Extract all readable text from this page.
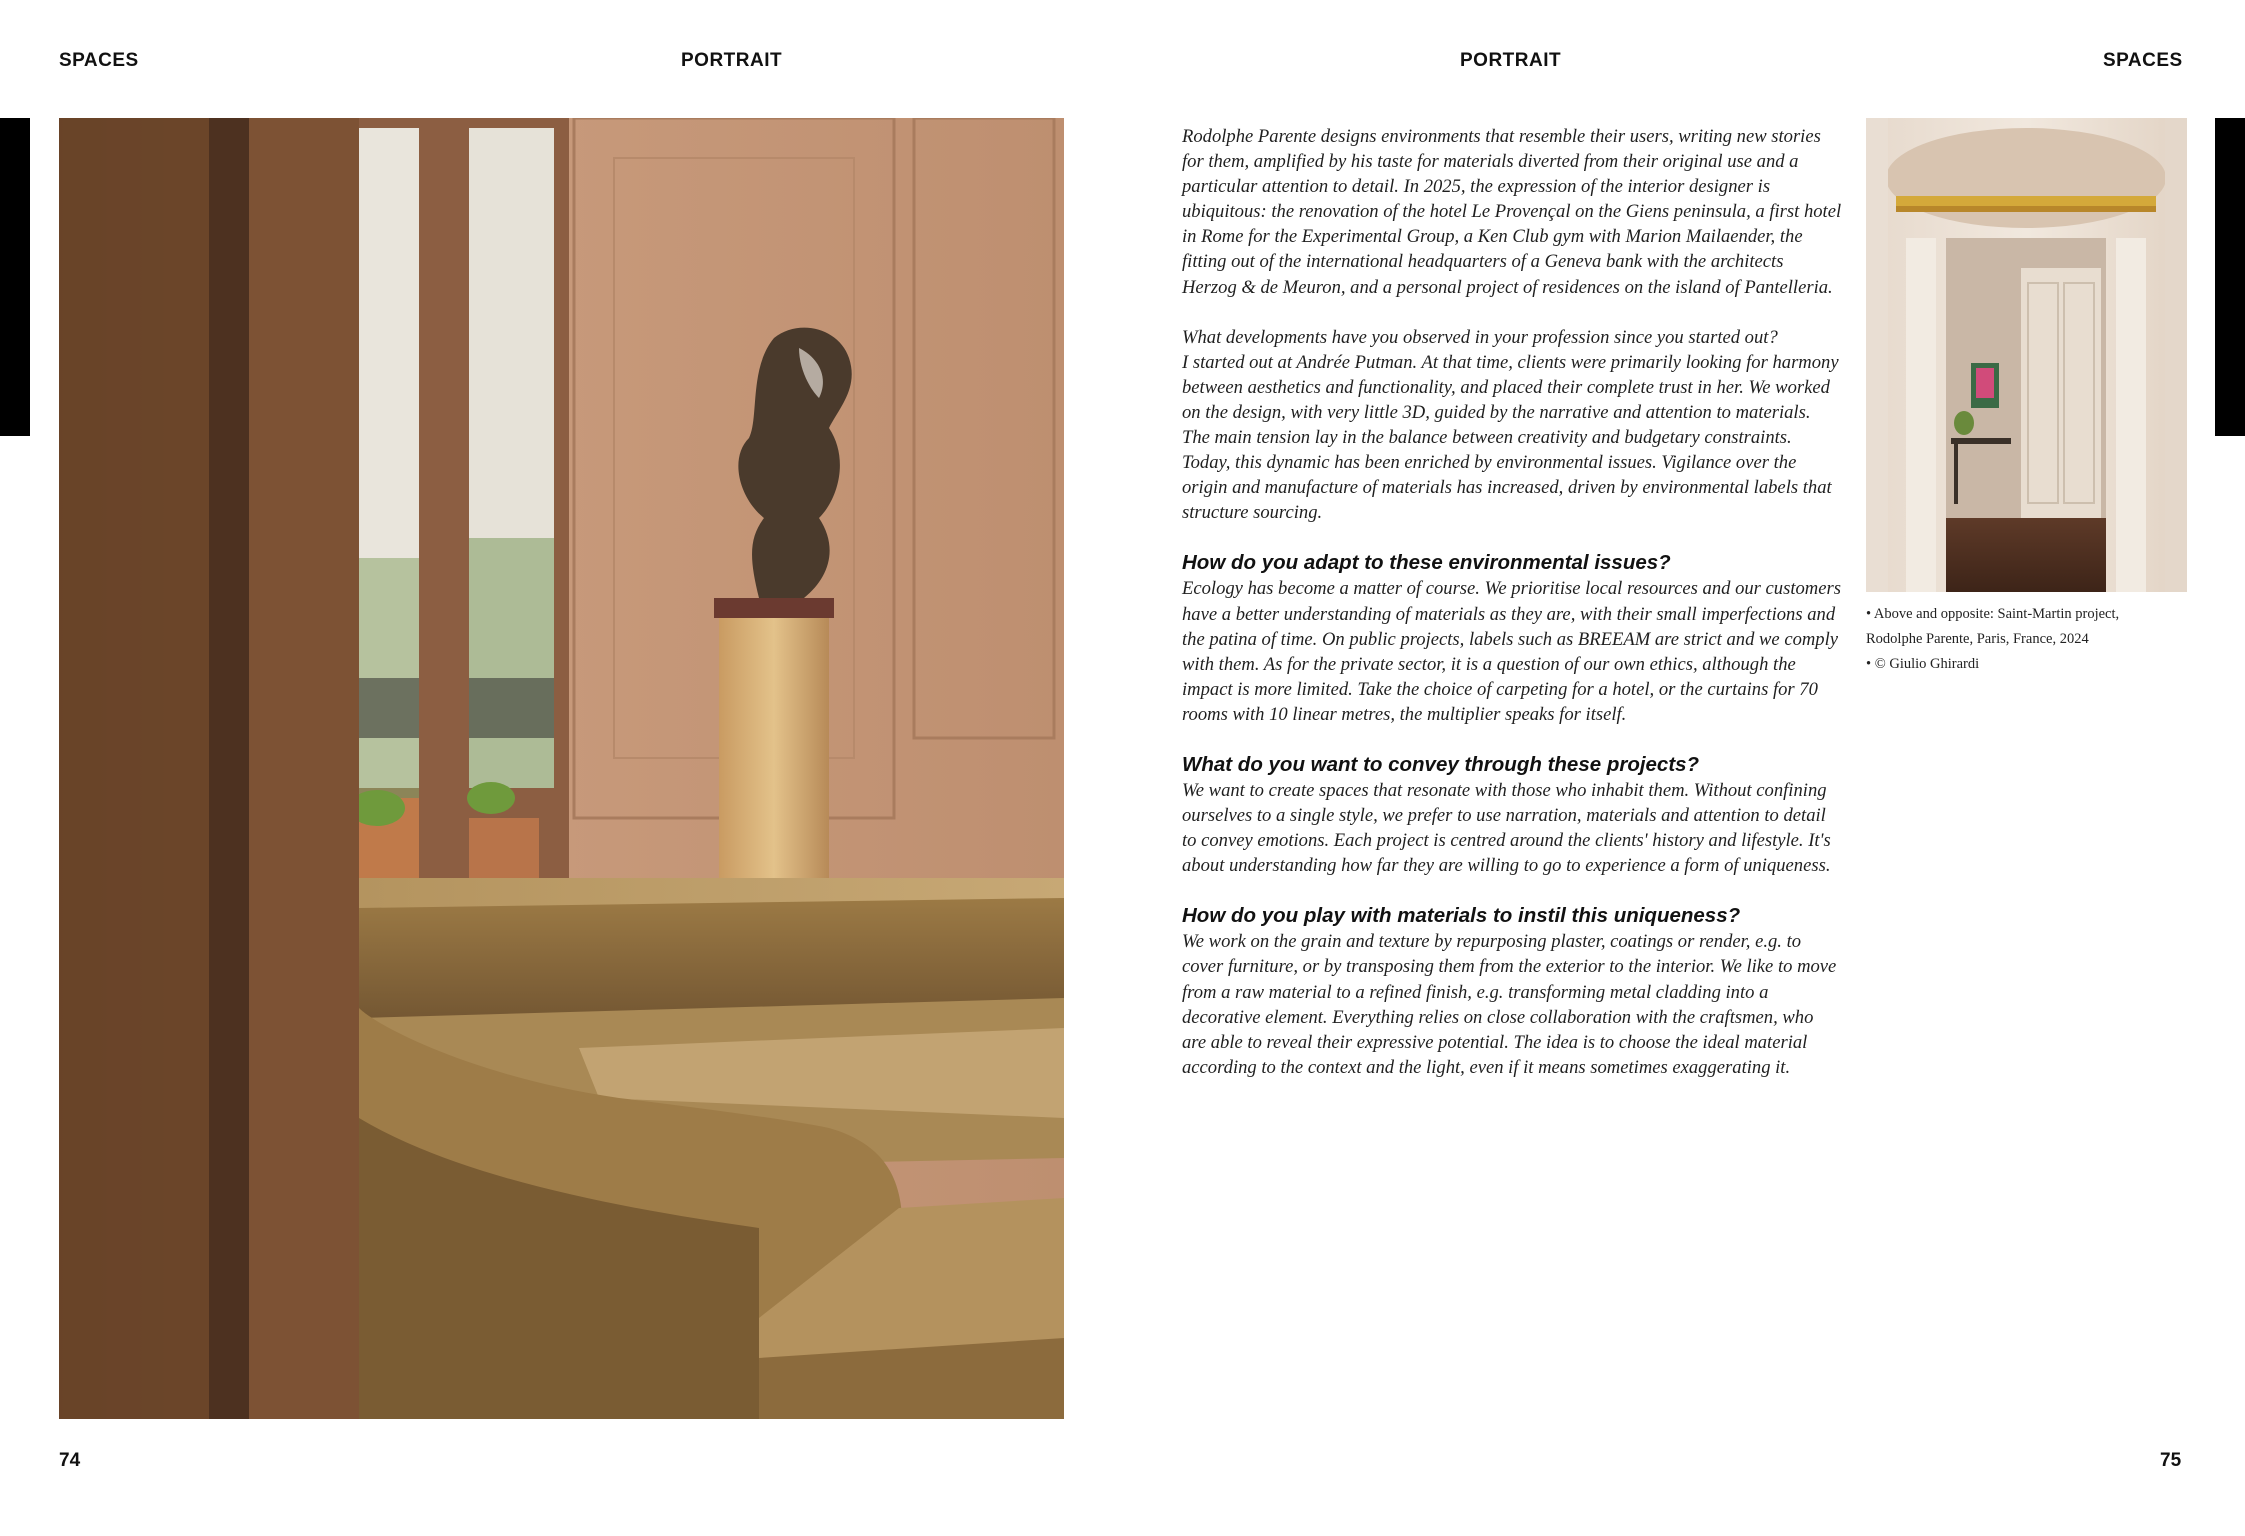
SPACES	PORTRAIT	PORTRAIT	SPACES
• Above and opposite: Saint-Martin project,
Rodolphe Parente, Paris, France, 2024
• © Giulio Ghirardi

Rodolphe Parente designs environments that resemble their users, writing new stories for them, amplified by his taste for materials diverted from their original use and a particular attention to detail. In 2025, the expression of the interior designer is ubiquitous: the renovation of the hotel Le Provençal on the Giens peninsula, a first hotel in Rome for the Experimental Group, a Ken Club gym with Marion Mailaender, the fitting out of the international headquarters of a Geneva bank with the architects Herzog & de Meuron, and a personal project of residences on the island of Pantelleria.

What developments have you observed in your profession since you started out?
I started out at Andrée Putman. At that time, clients were primarily looking for harmony between aesthetics and functionality, and placed their complete trust in her. We worked on the design, with very little 3D, guided by the narrative and attention to materials. The main tension lay in the balance between creativity and budgetary constraints. Today, this dynamic has been enriched by environmental issues. Vigilance over the origin and manufacture of materials has increased, driven by environmental labels that structure sourcing.
How do you adapt to these environmental issues?

Ecology has become a matter of course. We prioritise local resources and our customers have a better understanding of materials as they are, with their small imperfections and the patina of time. On public projects, labels such as BREEAM are strict and we comply with them. As for the private sector, it is a question of our own ethics, although the impact is more limited. Take the choice of carpeting for a hotel, or the curtains for 70 rooms with 10 linear metres, the multiplier speaks for itself.

What do you want to convey through these projects?

We want to create spaces that resonate with those who inhabit them. Without confining ourselves to a single style, we prefer to use narration, materials and attention to detail to convey emotions. Each project is centred around the clients' history and lifestyle. It's about understanding how far they are willing to go to experience a form of uniqueness.

How do you play with materials to instil this uniqueness?

We work on the grain and texture by repurposing plaster, coatings or render, e.g. to cover furniture, or by transposing them from the exterior to the interior. We like to move from a raw material to a refined finish, e.g. transforming metal cladding into a decorative element. Everything relies on close collaboration with the craftsmen, who are able to reveal their expressive potential. The idea is to choose the ideal material according to the context and the light, even if it means sometimes exaggerating it.

74	75
